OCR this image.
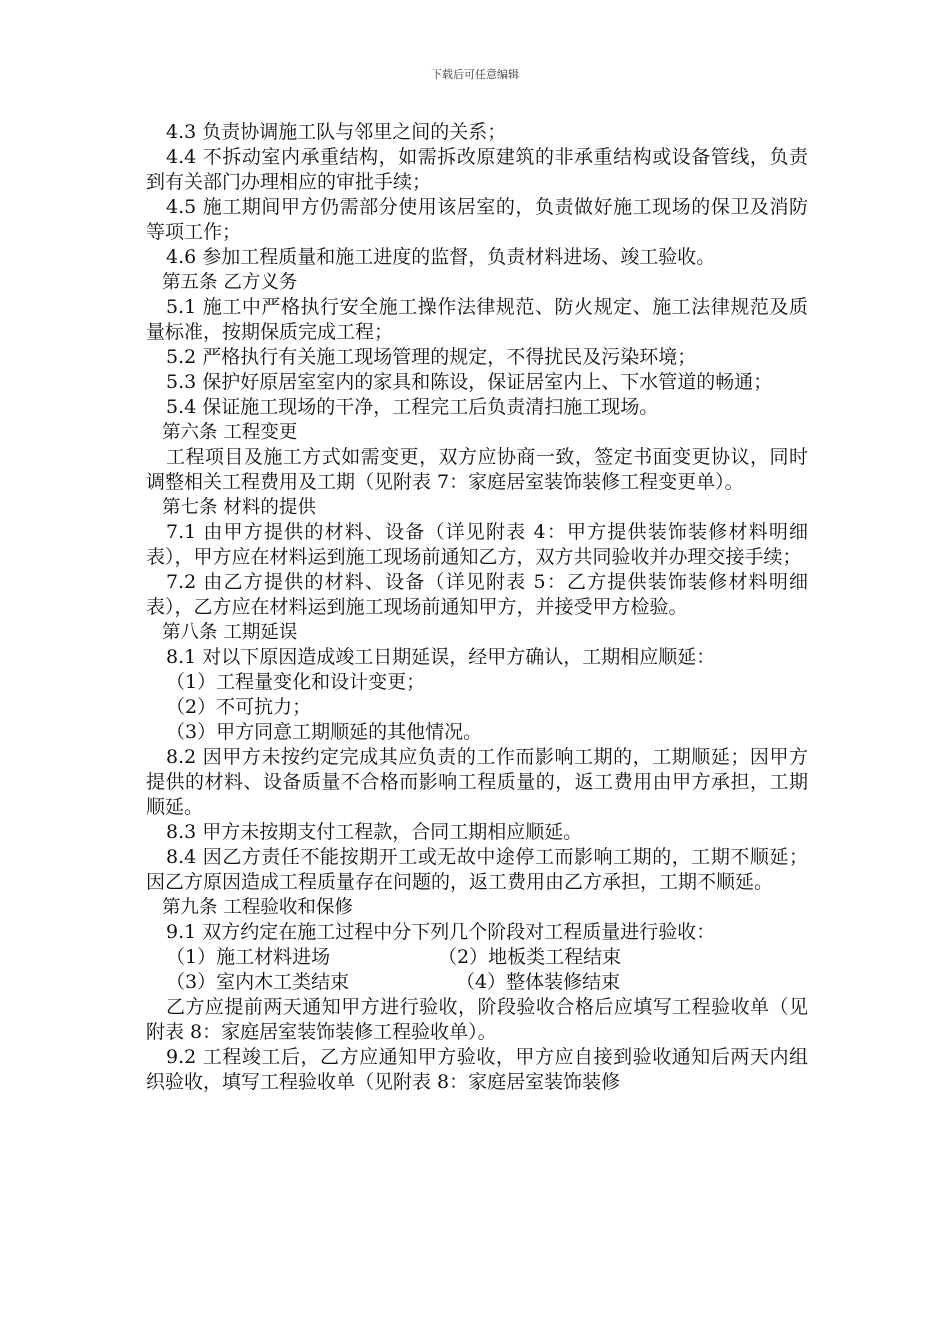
下载后可任意编辑

4.3 负责协调施工队与邻里之间的关系；

4.4 不拆动室内承重结构，如需拆改原建筑的非承重结构或设备管线，负责到有关部门办理相应的审批手续；

4.5 施工期间甲方仍需部分使用该居室的，负责做好施工现场的保卫及消防等项工作；

4.6 参加工程质量和施工进度的监督，负责材料进场、竣工验收。

第五条 乙方义务

5.1 施工中严格执行安全施工操作法律规范、防火规定、施工法律规范及质量标准，按期保质完成工程；

5.2 严格执行有关施工现场管理的规定，不得扰民及污染环境；

5.3 保护好原居室室内的家具和陈设，保证居室内上、下水管道的畅通；

5.4 保证施工现场的干净，工程完工后负责清扫施工现场。

第六条 工程变更

工程项目及施工方式如需变更，双方应协商一致，签定书面变更协议，同时调整相关工程费用及工期（见附表 7：家庭居室装饰装修工程变更单）。

第七条 材料的提供

7.1 由甲方提供的材料、设备（详见附表 4：甲方提供装饰装修材料明细表），甲方应在材料运到施工现场前通知乙方，双方共同验收并办理交接手续；

7.2 由乙方提供的材料、设备（详见附表 5：乙方提供装饰装修材料明细表），乙方应在材料运到施工现场前通知甲方，并接受甲方检验。

第八条 工期延误

8.1 对以下原因造成竣工日期延误，经甲方确认，工期相应顺延：

（1）工程量变化和设计变更；

（2）不可抗力；

（3）甲方同意工期顺延的其他情况。

8.2 因甲方未按约定完成其应负责的工作而影响工期的，工期顺延；因甲方提供的材料、设备质量不合格而影响工程质量的，返工费用由甲方承担，工期顺延。

8.3 甲方未按期支付工程款，合同工期相应顺延。

8.4 因乙方责任不能按期开工或无故中途停工而影响工期的，工期不顺延；因乙方原因造成工程质量存在问题的，返工费用由乙方承担，工期不顺延。

第九条 工程验收和保修

9.1 双方约定在施工过程中分下列几个阶段对工程质量进行验收：

（1）施工材料进场	（2）地板类工程结束
（3）室内木工类结束	（4）整体装修结束

乙方应提前两天通知甲方进行验收，阶段验收合格后应填写工程验收单（见附表 8：家庭居室装饰装修工程验收单）。

9.2 工程竣工后，乙方应通知甲方验收，甲方应自接到验收通知后两天内组织验收，填写工程验收单（见附表 8：家庭居室装饰装修
